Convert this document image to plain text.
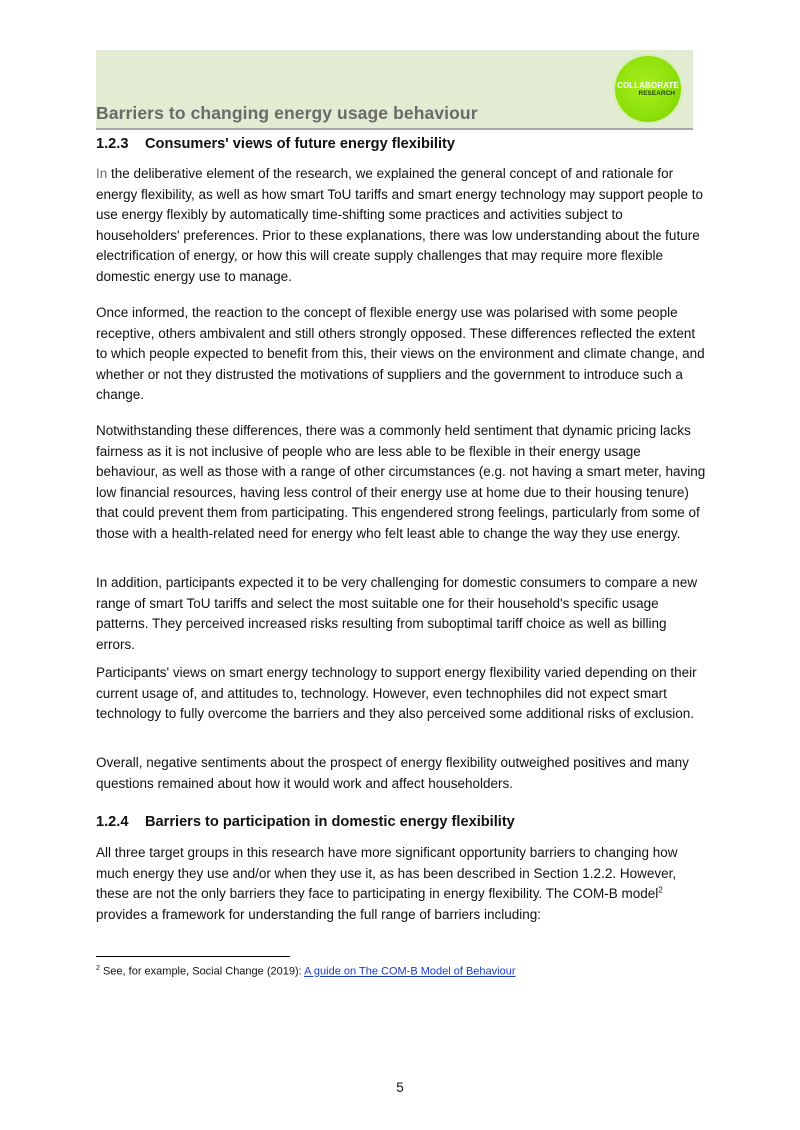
Barriers to changing energy usage behaviour
COLLABORATE
RESEARCH
1.2.3 Consumers' views of future energy flexibility

In the deliberative element of the research, we explained the general concept of and rationale for energy flexibility, as well as how smart ToU tariffs and smart energy technology may support people to use energy flexibly by automatically time-shifting some practices and activities subject to householders' preferences. Prior to these explanations, there was low understanding about the future electrification of energy, or how this will create supply challenges that may require more flexible domestic energy use to manage.

Once informed, the reaction to the concept of flexible energy use was polarised with some people receptive, others ambivalent and still others strongly opposed. These differences reflected the extent to which people expected to benefit from this, their views on the environment and climate change, and whether or not they distrusted the motivations of suppliers and the government to introduce such a change.

Notwithstanding these differences, there was a commonly held sentiment that dynamic pricing lacks fairness as it is not inclusive of people who are less able to be flexible in their energy usage behaviour, as well as those with a range of other circumstances (e.g. not having a smart meter, having low financial resources, having less control of their energy use at home due to their housing tenure) that could prevent them from participating. This engendered strong feelings, particularly from some of those with a health-related need for energy who felt least able to change the way they use energy.

In addition, participants expected it to be very challenging for domestic consumers to compare a new range of smart ToU tariffs and select the most suitable one for their household's specific usage patterns. They perceived increased risks resulting from suboptimal tariff choice as well as billing errors.

Participants' views on smart energy technology to support energy flexibility varied depending on their current usage of, and attitudes to, technology. However, even technophiles did not expect smart technology to fully overcome the barriers and they also perceived some additional risks of exclusion.

Overall, negative sentiments about the prospect of energy flexibility outweighed positives and many questions remained about how it would work and affect householders.

1.2.4 Barriers to participation in domestic energy flexibility

All three target groups in this research have more significant opportunity barriers to changing how much energy they use and/or when they use it, as has been described in Section 1.2.2. However, these are not the only barriers they face to participating in energy flexibility. The COM-B model$^2$ provides a framework for understanding the full range of barriers including:

$^2$ See, for example, Social Change (2019): A guide on The COM-B Model of Behaviour
5
